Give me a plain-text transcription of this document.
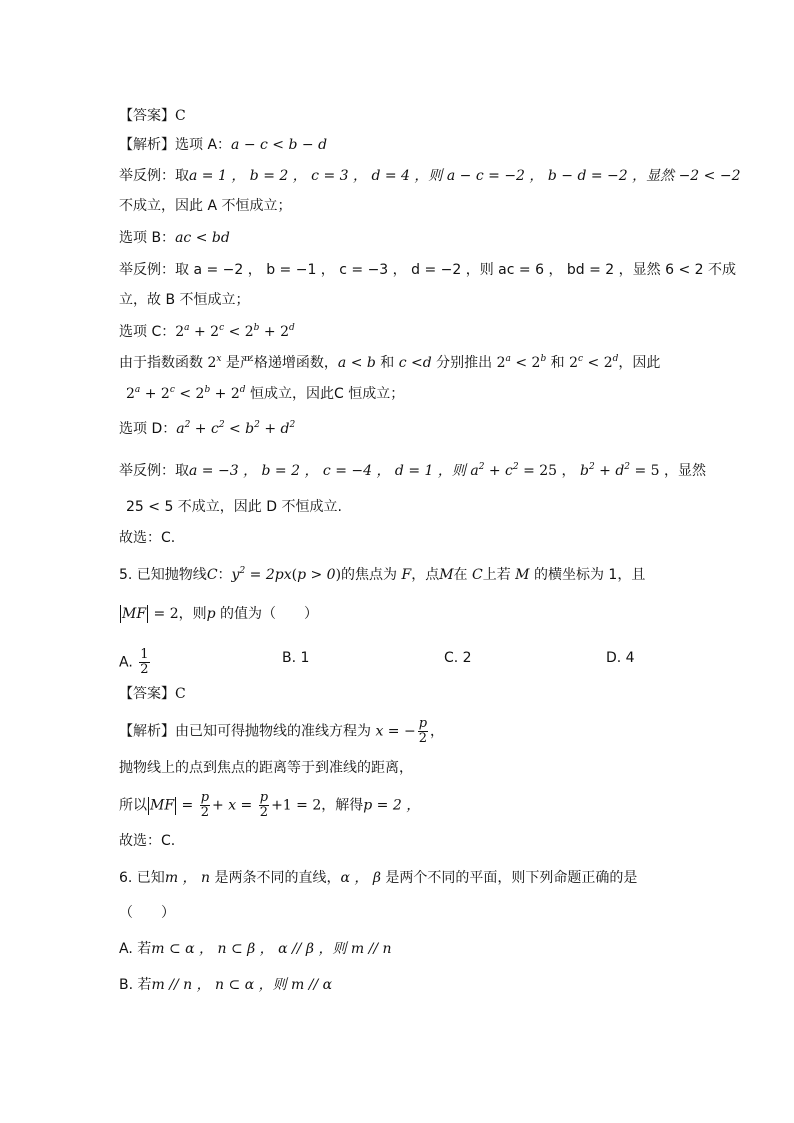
【答案】C
【解析】选项 A：a − c < b − d
举反例：取a = 1 ， b = 2 ， c = 3 ， d = 4 ，则 a − c = −2 ， b − d = −2 ，显然 −2 < −2
不成立，因此 A 不恒成立；
选项 B：ac < bd
举反例：取 a = −2 ， b = −1 ， c = −3 ， d = −2 ，则 ac = 6 ， bd = 2 ，显然 6 < 2 不成
立，故 B 不恒成立；
选项 C：$2^a + 2^c < 2^b + 2^d$
由于指数函数 2$^x$ 是严格递增函数，a < b 和 c <d 分别推出 $2^a < 2^b$ 和 $2^c < 2^d$，因此
$2^a + 2^c < 2^b + 2^d$ 恒成立，因此C 恒成立；
选项 D：$a^2 + c^2 < b^2 + d^2$
举反例：取a = −3 ， b = 2 ， c = −4 ， d = 1 ，则 $a^2 + c^2 = 25$ ， $b^2 + d^2 = 5$ ，显然
25 < 5 不成立，因此 D 不恒成立.
故选：C.
5. 已知抛物线C：$y^2 = 2px(p > 0)$的焦点为 F，点M在 C上若 M 的横坐标为 1，且
MF = 2，则p 的值为（　　）
A. $\frac{1}{2}$	B. 1	C. 2	D. 4
【答案】C
【解析】由已知可得抛物线的准线方程为 x = − $\frac{p}{2}$ ，
抛物线上的点到焦点的距离等于到准线的距离，
所以 MF = $\frac{p}{2} + x = \frac{p}{2} +1 = 2$，解得p = 2 ，
故选：C.
6. 已知m ， n 是两条不同的直线，α ， β 是两个不同的平面，则下列命题正确的是
（　　）
A. 若m ⊂ α ， n ⊂ β ， α // β ，则 m // n
B. 若m // n ， n ⊂ α ，则 m // α
